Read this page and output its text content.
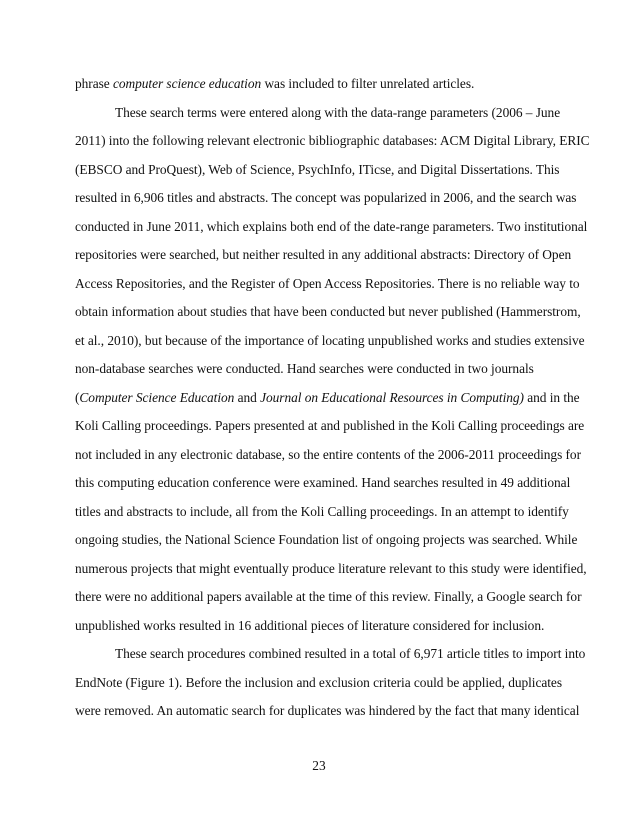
phrase computer science education was included to filter unrelated articles.
These search terms were entered along with the data-range parameters (2006 – June
2011) into the following relevant electronic bibliographic databases: ACM Digital Library, ERIC
(EBSCO and ProQuest), Web of Science, PsychInfo, ITicse, and Digital Dissertations. This
resulted in 6,906 titles and abstracts. The concept was popularized in 2006, and the search was
conducted in June 2011, which explains both end of the date-range parameters. Two institutional
repositories were searched, but neither resulted in any additional abstracts: Directory of Open
Access Repositories, and the Register of Open Access Repositories. There is no reliable way to
obtain information about studies that have been conducted but never published (Hammerstrom,
et al., 2010), but because of the importance of locating unpublished works and studies extensive
non-database searches were conducted. Hand searches were conducted in two journals
(Computer Science Education and Journal on Educational Resources in Computing) and in the
Koli Calling proceedings. Papers presented at and published in the Koli Calling proceedings are
not included in any electronic database, so the entire contents of the 2006-2011 proceedings for
this computing education conference were examined. Hand searches resulted in 49 additional
titles and abstracts to include, all from the Koli Calling proceedings. In an attempt to identify
ongoing studies, the National Science Foundation list of ongoing projects was searched. While
numerous projects that might eventually produce literature relevant to this study were identified,
there were no additional papers available at the time of this review. Finally, a Google search for
unpublished works resulted in 16 additional pieces of literature considered for inclusion.
These search procedures combined resulted in a total of 6,971 article titles to import into
EndNote (Figure 1). Before the inclusion and exclusion criteria could be applied, duplicates
were removed. An automatic search for duplicates was hindered by the fact that many identical
23
